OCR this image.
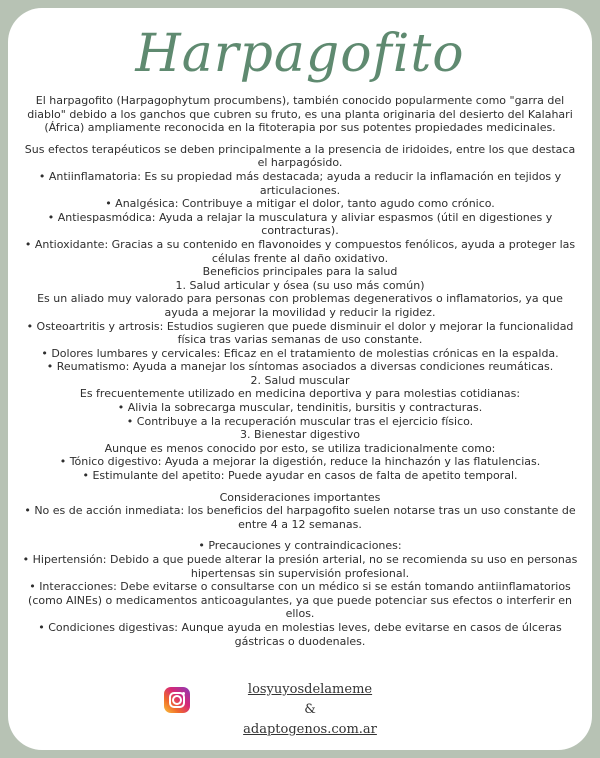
Harpagofito

El harpagofito (Harpagophytum procumbens), también conocido popularmente como "garra del diablo" debido a los ganchos que cubren su fruto, es una planta originaria del desierto del Kalahari (África) ampliamente reconocida en la fitoterapia por sus potentes propiedades medicinales.

Sus efectos terapéuticos se deben principalmente a la presencia de iridoides, entre los que destaca el harpagósido.

• Antiinflamatoria: Es su propiedad más destacada; ayuda a reducir la inflamación en tejidos y articulaciones.

• Analgésica: Contribuye a mitigar el dolor, tanto agudo como crónico.

• Antiespasmódica: Ayuda a relajar la musculatura y aliviar espasmos (útil en digestiones y contracturas).

• Antioxidante: Gracias a su contenido en flavonoides y compuestos fenólicos, ayuda a proteger las células frente al daño oxidativo.

Beneficios principales para la salud

1. Salud articular y ósea (su uso más común)

Es un aliado muy valorado para personas con problemas degenerativos o inflamatorios, ya que ayuda a mejorar la movilidad y reducir la rigidez.

• Osteoartritis y artrosis: Estudios sugieren que puede disminuir el dolor y mejorar la funcionalidad física tras varias semanas de uso constante.

• Dolores lumbares y cervicales: Eficaz en el tratamiento de molestias crónicas en la espalda.

• Reumatismo: Ayuda a manejar los síntomas asociados a diversas condiciones reumáticas.

2. Salud muscular

Es frecuentemente utilizado en medicina deportiva y para molestias cotidianas:

• Alivia la sobrecarga muscular, tendinitis, bursitis y contracturas.

• Contribuye a la recuperación muscular tras el ejercicio físico.

3. Bienestar digestivo

Aunque es menos conocido por esto, se utiliza tradicionalmente como:

• Tónico digestivo: Ayuda a mejorar la digestión, reduce la hinchazón y las flatulencias.

• Estimulante del apetito: Puede ayudar en casos de falta de apetito temporal.

Consideraciones importantes

• No es de acción inmediata: los beneficios del harpagofito suelen notarse tras un uso constante de entre 4 a 12 semanas.

• Precauciones y contraindicaciones:

• Hipertensión: Debido a que puede alterar la presión arterial, no se recomienda su uso en personas hipertensas sin supervisión profesional.

• Interacciones: Debe evitarse o consultarse con un médico si se están tomando antiinflamatorios (como AINEs) o medicamentos anticoagulantes, ya que puede potenciar sus efectos o interferir en ellos.

• Condiciones digestivas: Aunque ayuda en molestias leves, debe evitarse en casos de úlceras gástricas o duodenales.

losyuyosdelameme
&
adaptogenos.com.ar
